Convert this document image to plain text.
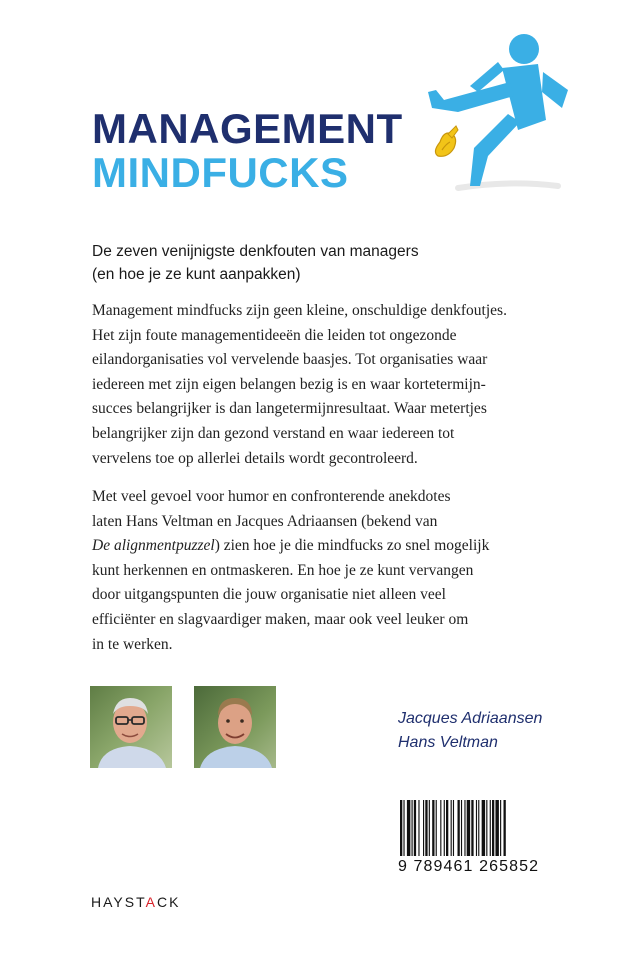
MANAGEMENT
MINDFUCKS
De zeven venijnigste denkfouten van managers
(en hoe je ze kunt aanpakken)
Management mindfucks zijn geen kleine, onschuldige denkfoutjes.
Het zijn foute managementideeën die leiden tot ongezonde
eilandorganisaties vol vervelende baasjes. Tot organisaties waar
iedereen met zijn eigen belangen bezig is en waar kortetermijn-
succes belangrijker is dan langetermijnresultaat. Waar metertjes
belangrijker zijn dan gezond verstand en waar iedereen tot
vervelens toe op allerlei details wordt gecontroleerd.
Met veel gevoel voor humor en confronterende anekdotes
laten Hans Veltman en Jacques Adriaansen (bekend van
De alignmentpuzzel) zien hoe je die mindfucks zo snel mogelijk
kunt herkennen en ontmaskeren. En hoe je ze kunt vervangen
door uitgangspunten die jouw organisatie niet alleen veel
efficiënter en slagvaardiger maken, maar ook veel leuker om
in te werken.
Jacques Adriaansen
Hans Veltman
9 789461 265852
HAYSTACK
